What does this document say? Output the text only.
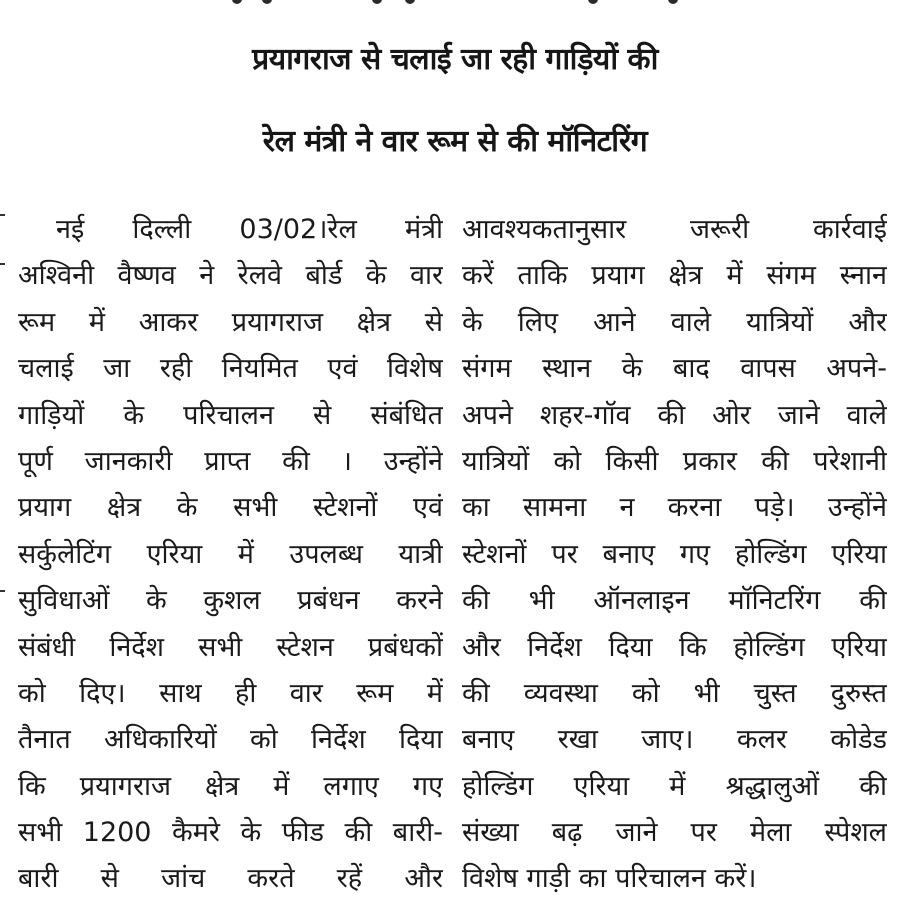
प्रयागराज से चलाई जा रही गाड़ियों की
रेल मंत्री ने वार रूम से की मॉनिटरिंग
नई दिल्ली 03/02।रेल मंत्री
अश्विनी वैष्णव ने रेलवे बोर्ड के वार
रूम में आकर प्रयागराज क्षेत्र से
चलाई जा रही नियमित एवं विशेष
गाड़ियों के परिचालन से संबंधित
पूर्ण जानकारी प्राप्त की । उन्होंने
प्रयाग क्षेत्र के सभी स्टेशनों एवं
सर्कुलेटिंग एरिया में उपलब्ध यात्री
सुविधाओं के कुशल प्रबंधन करने
संबंधी निर्देश सभी स्टेशन प्रबंधकों
को दिए। साथ ही वार रूम में
तैनात अधिकारियों को निर्देश दिया
कि प्रयागराज क्षेत्र में लगाए गए
सभी 1200 कैमरे के फीड की बारी-
बारी से जांच करते रहें और
आवश्यकतानुसार जरूरी कार्रवाई
करें ताकि प्रयाग क्षेत्र में संगम स्नान
के लिए आने वाले यात्रियों और
संगम स्थान के बाद वापस अपने-
अपने शहर-गॉव की ओर जाने वाले
यात्रियों को किसी प्रकार की परेशानी
का सामना न करना पड़े। उन्होंने
स्टेशनों पर बनाए गए होल्डिंग एरिया
की भी ऑनलाइन मॉनिटरिंग की
और निर्देश दिया कि होल्डिंग एरिया
की व्यवस्था को भी चुस्त दुरुस्त
बनाए रखा जाए। कलर कोडेड
होल्डिंग एरिया में श्रद्धालुओं की
संख्या बढ़ जाने पर मेला स्पेशल
विशेष गाड़ी का परिचालन करें।
